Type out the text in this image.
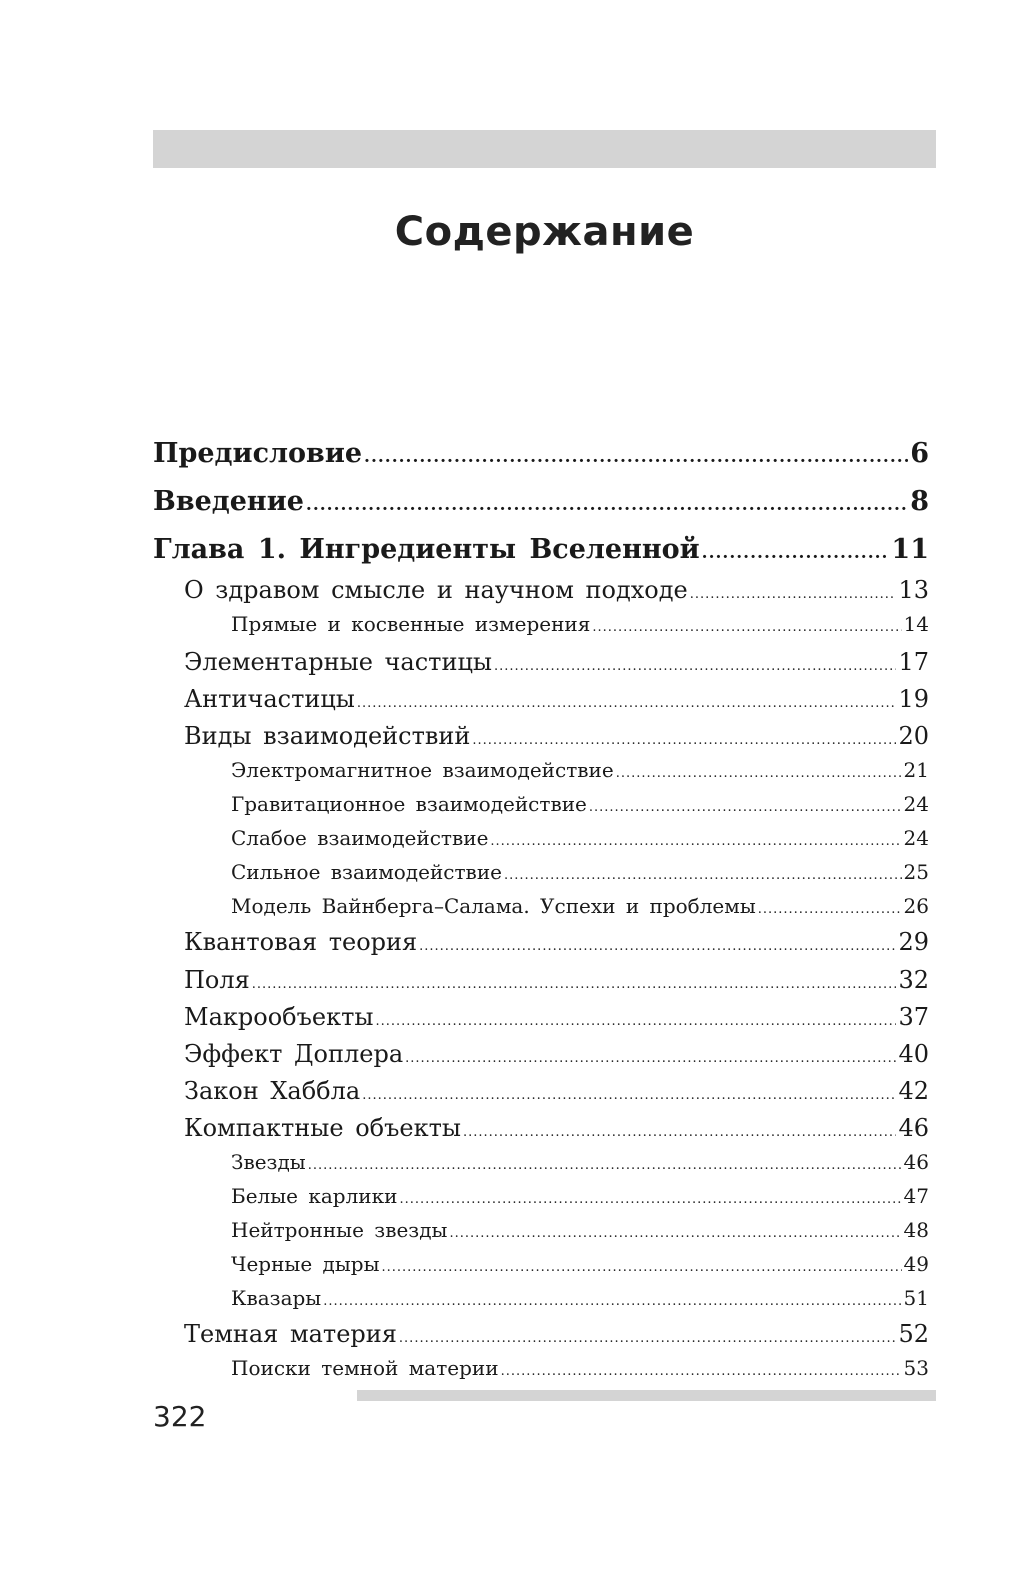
Содержание
Предисловие .....	6
Введение .....	8
Глава 1. Ингредиенты Вселенной .....	11
О здравом смысле и научном подходе .....	13
Прямые и косвенные измерения .....	14
Элементарные частицы .....	17
Античастицы .....	19
Виды взаимодействий .....	20
Электромагнитное взаимодействие .....	21
Гравитационное взаимодействие .....	24
Слабое взаимодействие .....	24
Сильное взаимодействие .....	25
Модель Вайнберга–Салама. Успехи и проблемы .....	26
Квантовая теория .....	29
Поля .....	32
Макрообъекты .....	37
Эффект Доплера .....	40
Закон Хаббла .....	42
Компактные объекты .....	46
Звезды .....	46
Белые карлики .....	47
Нейтронные звезды .....	48
Черные дыры .....	49
Квазары .....	51
Темная материя .....	52
Поиски темной материи .....	53
322
